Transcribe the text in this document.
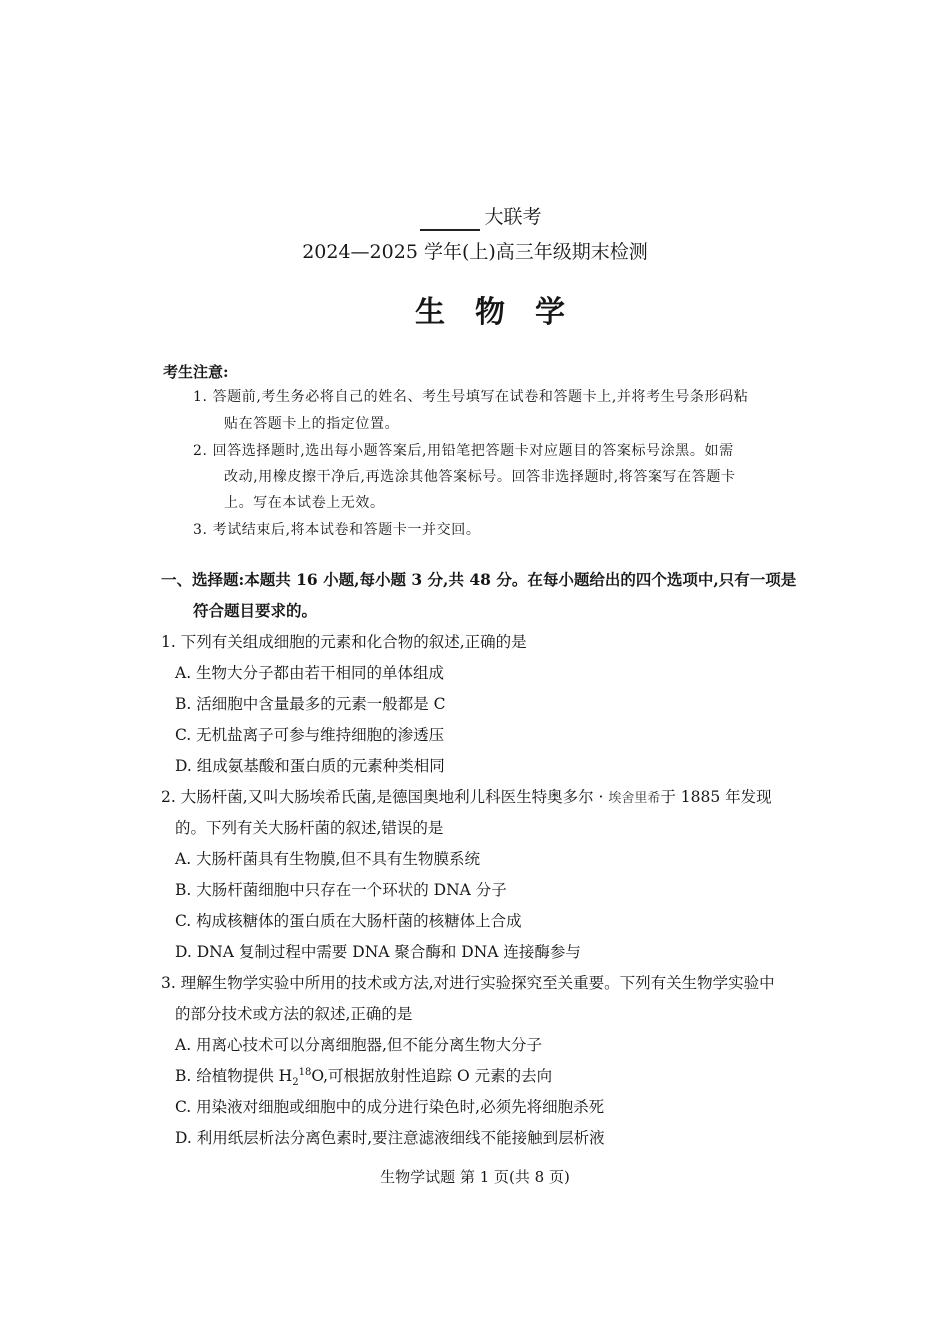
大联考
2024—2025 学年(上)高三年级期末检测
生物学
考生注意:
1. 答题前,考生务必将自己的姓名、考生号填写在试卷和答题卡上,并将考生号条形码粘
贴在答题卡上的指定位置。
2. 回答选择题时,选出每小题答案后,用铅笔把答题卡对应题目的答案标号涂黑。如需
改动,用橡皮擦干净后,再选涂其他答案标号。回答非选择题时,将答案写在答题卡
上。写在本试卷上无效。
3. 考试结束后,将本试卷和答题卡一并交回。
一、选择题:本题共 16 小题,每小题 3 分,共 48 分。在每小题给出的四个选项中,只有一项是
符合题目要求的。
1. 下列有关组成细胞的元素和化合物的叙述,正确的是
A. 生物大分子都由若干相同的单体组成
B. 活细胞中含量最多的元素一般都是 C
C. 无机盐离子可参与维持细胞的渗透压
D. 组成氨基酸和蛋白质的元素种类相同
2. 大肠杆菌,又叫大肠埃希氏菌,是德国奥地利儿科医生特奥多尔 · 埃舍里希于 1885 年发现
的。下列有关大肠杆菌的叙述,错误的是
A. 大肠杆菌具有生物膜,但不具有生物膜系统
B. 大肠杆菌细胞中只存在一个环状的 DNA 分子
C. 构成核糖体的蛋白质在大肠杆菌的核糖体上合成
D. DNA 复制过程中需要 DNA 聚合酶和 DNA 连接酶参与
3. 理解生物学实验中所用的技术或方法,对进行实验探究至关重要。下列有关生物学实验中
的部分技术或方法的叙述,正确的是
A. 用离心技术可以分离细胞器,但不能分离生物大分子
B. 给植物提供 $H_2^{18}O$,可根据放射性追踪 O 元素的去向
C. 用染液对细胞或细胞中的成分进行染色时,必须先将细胞杀死
D. 利用纸层析法分离色素时,要注意滤液细线不能接触到层析液
生物学试题 第 1 页(共 8 页)
